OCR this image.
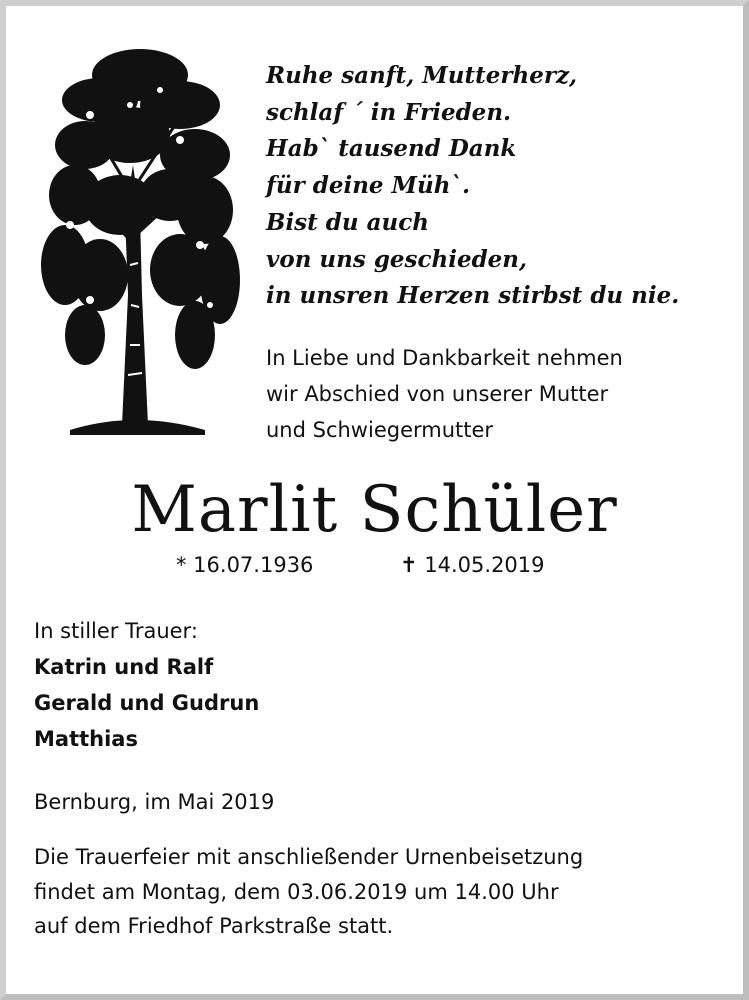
Ruhe sanft, Mutterherz,
schlaf ´ in Frieden.
Hab` tausend Dank
für deine Müh`.
Bist du auch
von uns geschieden,
in unsren Herzen stirbst du nie.
In Liebe und Dankbarkeit nehmen
wir Abschied von unserer Mutter
und Schwiegermutter
Marlit Schüler
* 16.07.1936	✝ 14.05.2019
In stiller Trauer:
Katrin und Ralf
Gerald und Gudrun
Matthias
Bernburg, im Mai 2019
Die Trauerfeier mit anschließender Urnenbeisetzung
findet am Montag, dem 03.06.2019 um 14.00 Uhr
auf dem Friedhof Parkstraße statt.
